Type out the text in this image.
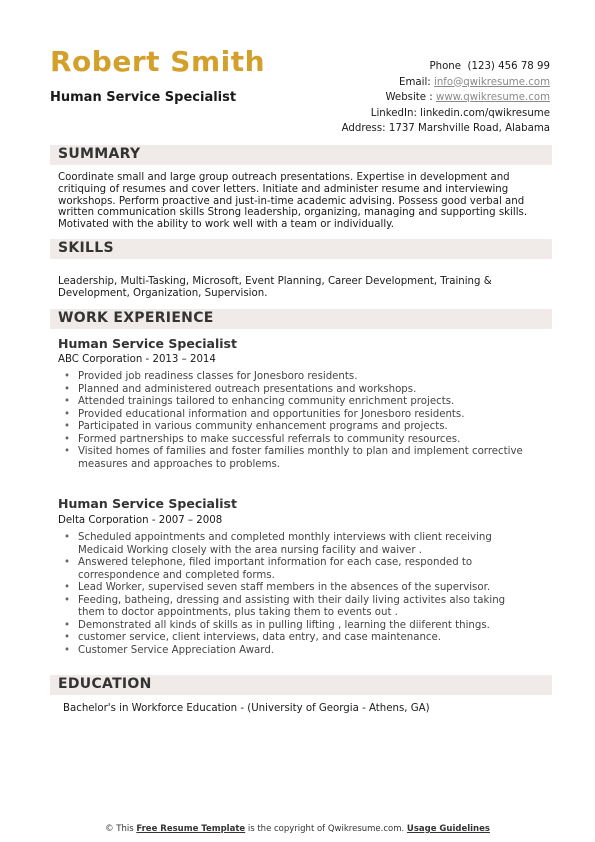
Robert Smith
Human Service Specialist
Phone (123) 456 78 99
Email: info@qwikresume.com
Website : www.qwikresume.com
LinkedIn: linkedin.com/qwikresume
Address: 1737 Marshville Road, Alabama
SUMMARY
Coordinate small and large group outreach presentations. Expertise in development and critiquing of resumes and cover letters. Initiate and administer resume and interviewing workshops. Perform proactive and just-in-time academic advising. Possess good verbal and written communication skills Strong leadership, organizing, managing and supporting skills. Motivated with the ability to work well with a team or individually.
SKILLS
Leadership, Multi-Tasking, Microsoft, Event Planning, Career Development, Training & Development, Organization, Supervision.
WORK EXPERIENCE
Human Service Specialist
ABC Corporation - 2013 – 2014
• Provided job readiness classes for Jonesboro residents.
• Planned and administered outreach presentations and workshops.
• Attended trainings tailored to enhancing community enrichment projects.
• Provided educational information and opportunities for Jonesboro residents.
• Participated in various community enhancement programs and projects.
• Formed partnerships to make successful referrals to community resources.
• Visited homes of families and foster families monthly to plan and implement corrective measures and approaches to problems.
Human Service Specialist
Delta Corporation - 2007 – 2008
• Scheduled appointments and completed monthly interviews with client receiving Medicaid Working closely with the area nursing facility and waiver .
• Answered telephone, filed important information for each case, responded to correspondence and completed forms.
• Lead Worker, supervised seven staff members in the absences of the supervisor.
• Feeding, batheing, dressing and assisting with their daily living activites also taking them to doctor appointments, plus taking them to events out .
• Demonstrated all kinds of skills as in pulling lifting , learning the diiferent things.
• customer service, client interviews, data entry, and case maintenance.
• Customer Service Appreciation Award.
EDUCATION
Bachelor's in Workforce Education - (University of Georgia - Athens, GA)
© This Free Resume Template is the copyright of Qwikresume.com. Usage Guidelines
